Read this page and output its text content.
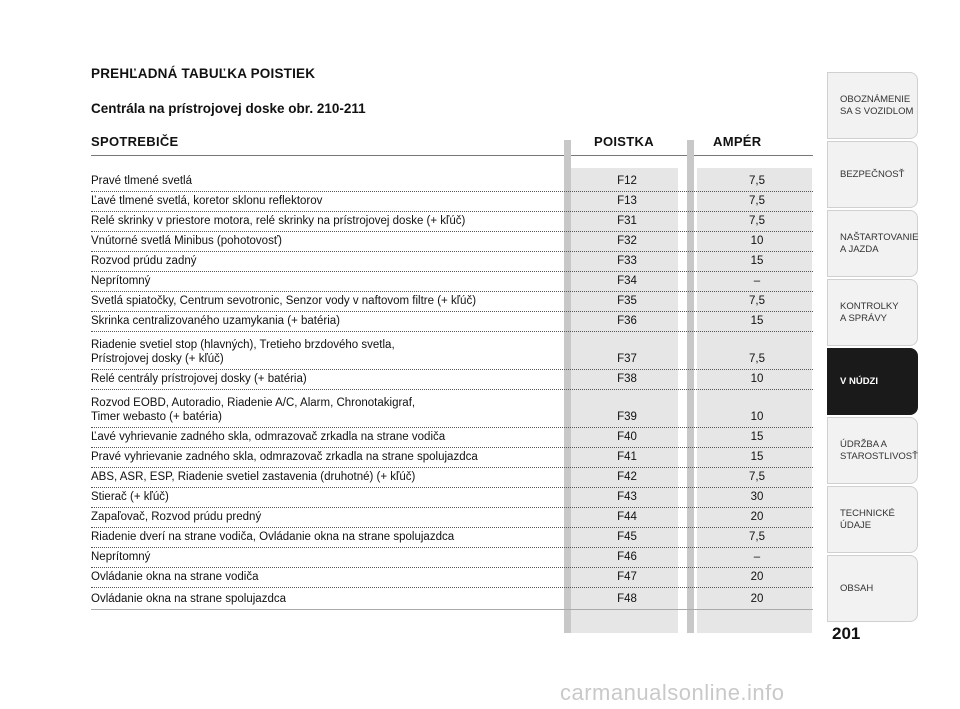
PREHĽADNÁ TABUĽKA POISTIEK
Centrála na prístrojovej doske obr. 210-211
SPOTREBIČE	POISTKA	AMPÉR
Pravé tlmené svetlá	F12	7,5
Ľavé tlmené svetlá, koretor sklonu reflektorov	F13	7,5
Relé skrinky v priestore motora, relé skrinky na prístrojovej doske (+ kľúč)	F31	7,5
Vnútorné svetlá Minibus (pohotovosť)	F32	10
Rozvod prúdu zadný	F33	15
Neprítomný	F34	–
Svetlá spiatočky, Centrum sevotronic, Senzor vody v naftovom filtre (+ kľúč)	F35	7,5
Skrinka centralizovaného uzamykania (+ batéria)	F36	15
Riadenie svetiel stop (hlavných), Tretieho brzdového svetla,
Prístrojovej dosky (+ kľúč)	F37	7,5
Relé centrály prístrojovej dosky (+ batéria)	F38	10
Rozvod EOBD, Autoradio, Riadenie A/C, Alarm, Chronotakigraf,
Timer webasto (+ batéria)	F39	10
Ľavé vyhrievanie zadného skla, odmrazovač zrkadla na strane vodiča	F40	15
Pravé vyhrievanie zadného skla, odmrazovač zrkadla na strane spolujazdca	F41	15
ABS, ASR, ESP, Riadenie svetiel zastavenia (druhotné) (+ kľúč)	F42	7,5
Stierač (+ kľúč)	F43	30
Zapaľovač, Rozvod prúdu predný	F44	20
Riadenie dverí na strane vodiča, Ovládanie okna na strane spolujazdca	F45	7,5
Neprítomný	F46	–
Ovládanie okna na strane vodiča	F47	20
Ovládanie okna na strane spolujazdca	F48	20
OBOZNÁMENIE
SA S VOZIDLOM
BEZPEČNOSŤ
NAŠTARTOVANIE
A JAZDA
KONTROLKY
A SPRÁVY
V NÚDZI
ÚDRŽBA A
STAROSTLIVOSŤ
TECHNICKÉ
ÚDAJE
OBSAH
201
carmanualsonline.info
